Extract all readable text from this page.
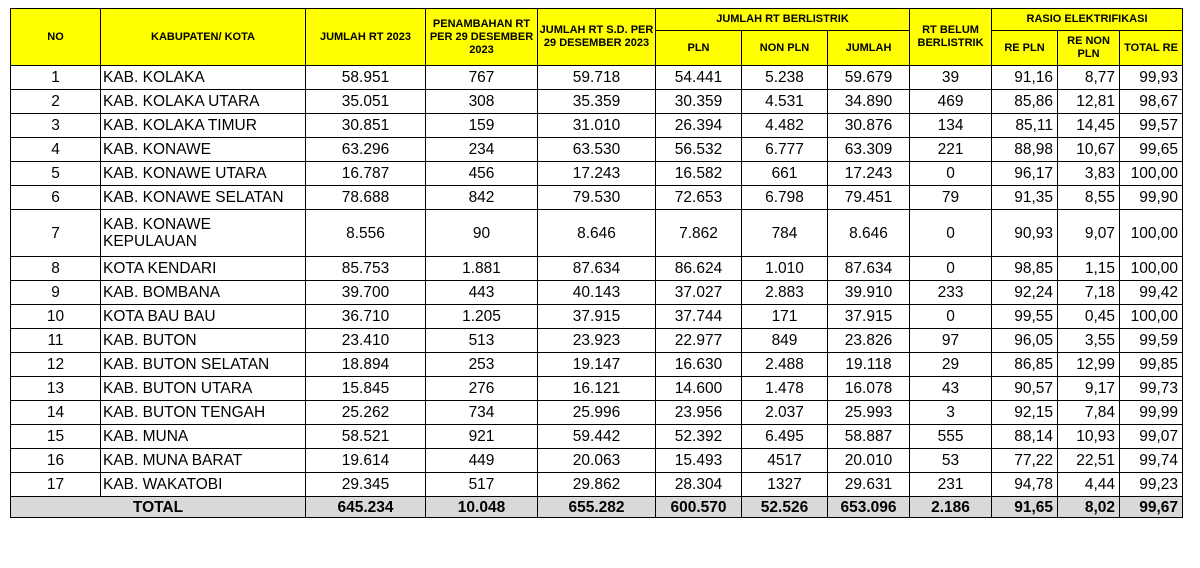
NO	KABUPATEN/ KOTA	JUMLAH RT 2023	PENAMBAHAN RT PER 29 DESEMBER 2023	JUMLAH RT S.D. PER 29 DESEMBER 2023	JUMLAH RT BERLISTRIK			RT BELUM BERLISTRIK	RASIO ELEKTRIFIKASI		
					PLN	NON PLN	JUMLAH		RE PLN	RE NON PLN	TOTAL RE
1	KAB. KOLAKA	58.951	767	59.718	54.441	5.238	59.679	39	91,16	8,77	99,93
2	KAB. KOLAKA UTARA	35.051	308	35.359	30.359	4.531	34.890	469	85,86	12,81	98,67
3	KAB. KOLAKA TIMUR	30.851	159	31.010	26.394	4.482	30.876	134	85,11	14,45	99,57
4	KAB. KONAWE	63.296	234	63.530	56.532	6.777	63.309	221	88,98	10,67	99,65
5	KAB. KONAWE UTARA	16.787	456	17.243	16.582	661	17.243	0	96,17	3,83	100,00
6	KAB. KONAWE SELATAN	78.688	842	79.530	72.653	6.798	79.451	79	91,35	8,55	99,90
7	KAB. KONAWE KEPULAUAN	8.556	90	8.646	7.862	784	8.646	0	90,93	9,07	100,00
8	KOTA KENDARI	85.753	1.881	87.634	86.624	1.010	87.634	0	98,85	1,15	100,00
9	KAB. BOMBANA	39.700	443	40.143	37.027	2.883	39.910	233	92,24	7,18	99,42
10	KOTA BAU BAU	36.710	1.205	37.915	37.744	171	37.915	0	99,55	0,45	100,00
11	KAB. BUTON	23.410	513	23.923	22.977	849	23.826	97	96,05	3,55	99,59
12	KAB. BUTON SELATAN	18.894	253	19.147	16.630	2.488	19.118	29	86,85	12,99	99,85
13	KAB. BUTON UTARA	15.845	276	16.121	14.600	1.478	16.078	43	90,57	9,17	99,73
14	KAB. BUTON TENGAH	25.262	734	25.996	23.956	2.037	25.993	3	92,15	7,84	99,99
15	KAB. MUNA	58.521	921	59.442	52.392	6.495	58.887	555	88,14	10,93	99,07
16	KAB. MUNA BARAT	19.614	449	20.063	15.493	4517	20.010	53	77,22	22,51	99,74
17	KAB. WAKATOBI	29.345	517	29.862	28.304	1327	29.631	231	94,78	4,44	99,23
TOTAL		645.234	10.048	655.282	600.570	52.526	653.096	2.186	91,65	8,02	99,67
